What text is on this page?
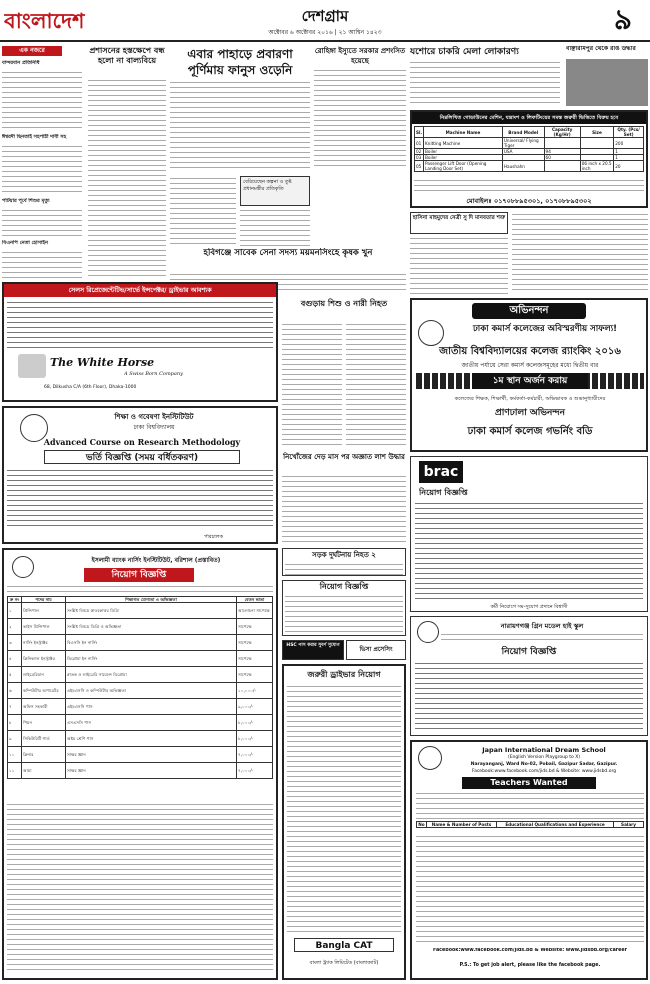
বাংলাদেশ	দেশগ্রাম
অক্টোবর ৬ অক্টোবর ২০১৬ | ২১ আশ্বিন ১৪২৩	৯
এক নজরে
বান্দরবান প্রতিনিধি
ঈশ্বরদী ছিনতাই সহপাঠী দাবী সহ
পটিয়ার পূর্বে শিশুর মৃত্যু
বিএনপি নেতা হোসাইন
প্রশাসনের হস্তক্ষেপে বন্ধ হলো না বাল্যবিয়ে	এবার পাহাড়ে প্রবারণা পূর্ণিমায় ফানুস ওড়েনি
রোহিঙ্গা ইস্যুতে সরকার প্রশংসিত হয়েছে
যশোরে চাকরি মেলা লোকারণ্য	বাঞ্ছারামপুর থেকে রঙি উদ্ধার
নিম্নলিখিত গোডাউনের মেশিন, যন্ত্রাংশ ও লিফটিংয়ের সমস্ত জরুরী ভিত্তিতে বিক্রয় হবে
Sl.	Machine Name	Brand Model	Capacity (Kg/Hr)	Size	Qty. (Pcs/ Set)
01	Knitting Machine	Universal/ Flying Tiger			200
02	Boiler	USA	94		1
03	Boiler		60		1
05	Passenger Lift Door (Opening Landing Door Set)	Haushahn		06 inch x 20.5 inch	20
মোবাইলঃ ০১৭০৮৮৯৫৩০১, ০১৭০৮৮৯৫৩০২
বেরিয়েছেন কল্পনা ও তুষ্ট প্রধানমন্ত্রীর প্রতিকৃতি
হবিগঞ্জে সাবেক সেনা সদস্য ময়মনসিংহে কৃষক খুন
হাসিনা মাহমুদের নেত্রী সু দি মানবতার শত্রু
সেলস রিপ্রেজেন্টেটিভ/সার্ভে ইন্সপেক্টর/ ড্রাইভার আবশ্যক
The White Horse
A Swiss Born Company
68, Dilkusha C/A (6th Floor), Dhaka-1000
শিক্ষা ও গবেষণা ইনস্টিটিউট
ঢাকা বিশ্ববিদ্যালয়
Advanced Course on Research Methodology
ভর্তি বিজ্ঞপ্তি (সময় বর্ধিতকরণ)
পরিচালক
বগুড়ায় শিশু ও নারী নিহত
নিখোঁজের দেড় মাস পর অজ্ঞাত লাশ উদ্ধার
অভিনন্দন
ঢাকা কমার্স কলেজের অবিস্মরণীয় সাফল্য!
জাতীয় বিশ্ববিদ্যালয়ের কলেজ র‍্যাংকিং ২০১৬
জাতীয় পর্যায়ে সেরা কমার্স কলেজসমূহের মধ্যে দ্বিতীয় বার
১ম স্থান অর্জন করায়
কলেজের শিক্ষক, শিক্ষার্থী, কর্মকর্তা-কর্মচারী, অভিভাবক ও শুভানুধ্যায়ীদের
প্রাণঢালা অভিনন্দন
ঢাকা কমার্স কলেজ গভর্নিং বডি
brac
নিয়োগ বিজ্ঞপ্তি
কর্মী নিয়োগে সম-সুযোগ প্রদানে বিশ্বাসী
সড়ক দুর্ঘটনায় নিহত ২
নিয়োগ বিজ্ঞপ্তি
HSC পাস করার সুবর্ণ সুযোগ
ভিসা প্রসেসিং
ইসলামী ব্যাংক নার্সিং ইনস্টিটিউট, বরিশাল (প্রস্তাবিত)
নিয়োগ বিজ্ঞপ্তি
ক্র নং	পদের নাম	শিক্ষাগত যোগ্যতা ও অভিজ্ঞতা	বেতন ভাতা
১	প্রিন্সিপাল	সংশ্লিষ্ট বিষয়ে স্নাতকোত্তর ডিগ্রি	আলোচনা সাপেক্ষে
২	ভাইস প্রিন্সিপাল	সংশ্লিষ্ট বিষয়ে ডিগ্রি ও অভিজ্ঞতা	সাপেক্ষে
৩	নার্সিং ইনস্ট্রাক্টর	বিএসসি ইন নার্সিং	সাপেক্ষে
৪	ক্লিনিক্যাল ইনস্ট্রাক্টর	ডিপ্লোমা ইন নার্সিং	সাপেক্ষে
৫	লাইব্রেরিয়ান	স্নাতক ও লাইব্রেরি সায়েন্সে ডিপ্লোমা	সাপেক্ষে
৬	কম্পিউটার অপারেটর	এইচএসসি ও কম্পিউটার অভিজ্ঞতা	১০,০০০/-
৭	অফিস সহকারী	এইচএসসি পাস	৯,০০০/-
৮	পিয়ন	এসএসসি পাস	৮,০০০/-
৯	সিকিউরিটি গার্ড	অষ্টম শ্রেণি পাস	৮,০০০/-
১০	ক্লিনার	সাক্ষর জ্ঞান	৭,০০০/-
১১	আয়া	সাক্ষর জ্ঞান	৭,০০০/-
জরুরী ড্রাইভার নিয়োগ
Bangla CAT
বাংলা ট্র্যাক লিমিটেড (বাংলাক্যাট)
নারায়ণগঞ্জ গ্রিন মডেল হাই স্কুল
নিয়োগ বিজ্ঞপ্তি
Japan International Dream School
(English Version Playgroup to X)
Narayanganj, Ward No-02, Pobail, Gazipur Sadar, Gazipur.
Facebook:www.facebook.com/jids.bd & Website: www.jidsbd.org
Teachers Wanted
No	Name & Number of Posts	Educational Qualifications and Experience	Salary
Facebook:www.facebook.com/jids.bd & Website: www.jidsbd.org/career
P.S.: To get job alert, please like the facebook page.
